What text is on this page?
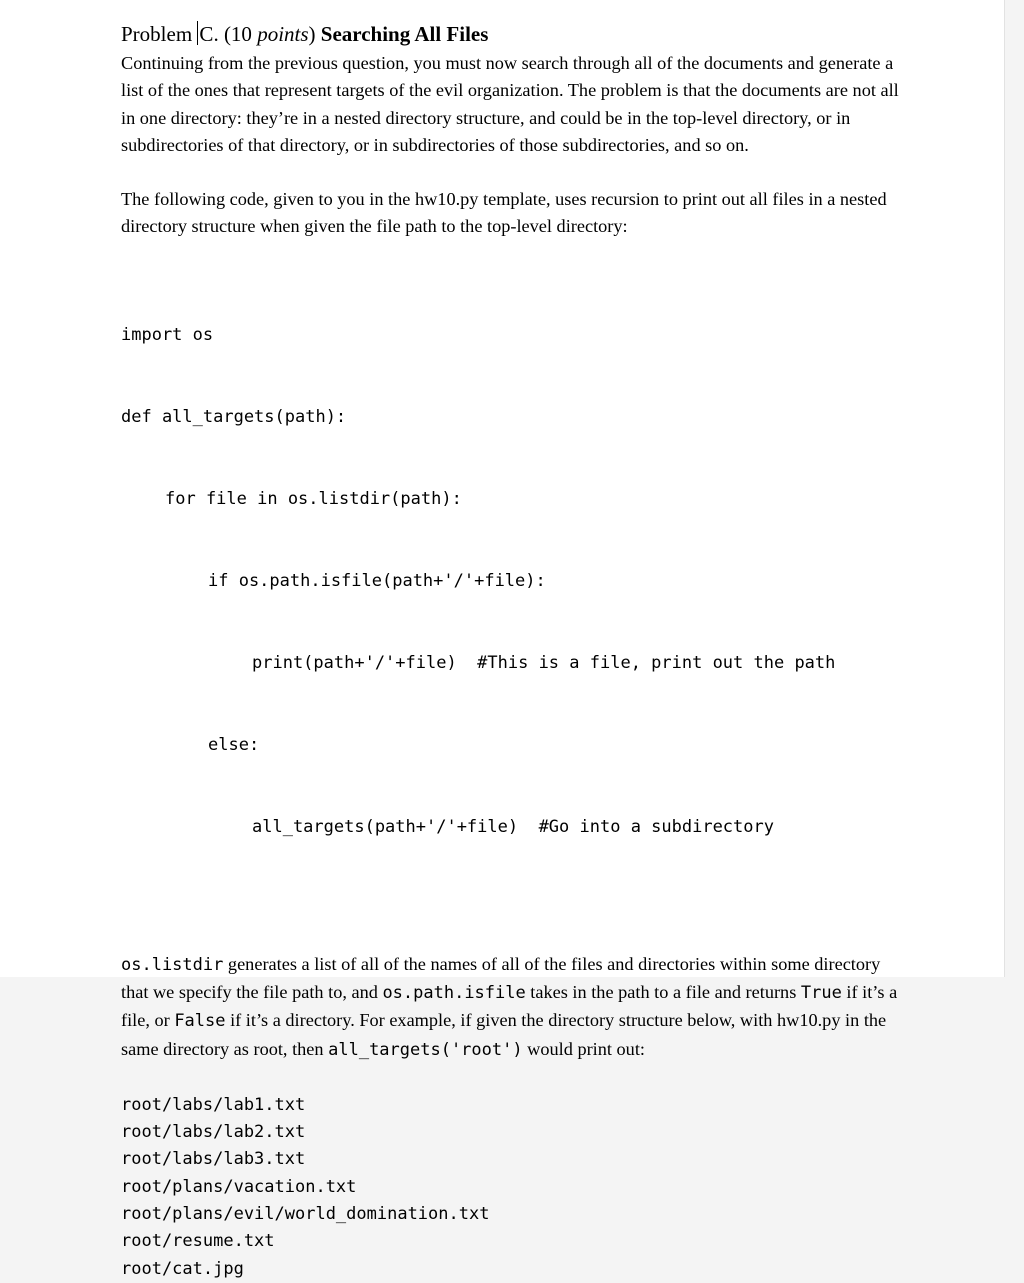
Problem C. (10 points) Searching All Files

Continuing from the previous question, you must now search through all of the documents and generate a list of the ones that represent targets of the evil organization. The problem is that the documents are not all in one directory: they’re in a nested directory structure, and could be in the top-level directory, or in subdirectories of that directory, or in subdirectories of those subdirectories, and so on.

The following code, given to you in the hw10.py template, uses recursion to print out all files in a nested directory structure when given the file path to the top-level directory:

import os

def all_targets(path):

for file in os.listdir(path):

if os.path.isfile(path+'/'+file):

print(path+'/'+file)  #This is a file, print out the path

else:

all_targets(path+'/'+file)  #Go into a subdirectory

os.listdir generates a list of all of the names of all of the files and directories within some directory that we specify the file path to, and os.path.isfile takes in the path to a file and returns True if it’s a file, or False if it’s a directory. For example, if given the directory structure below, with hw10.py in the same directory as root, then all_targets('root') would print out:

root/labs/lab1.txt
root/labs/lab2.txt
root/labs/lab3.txt
root/plans/vacation.txt
root/plans/evil/world_domination.txt
root/resume.txt
root/cat.jpg
